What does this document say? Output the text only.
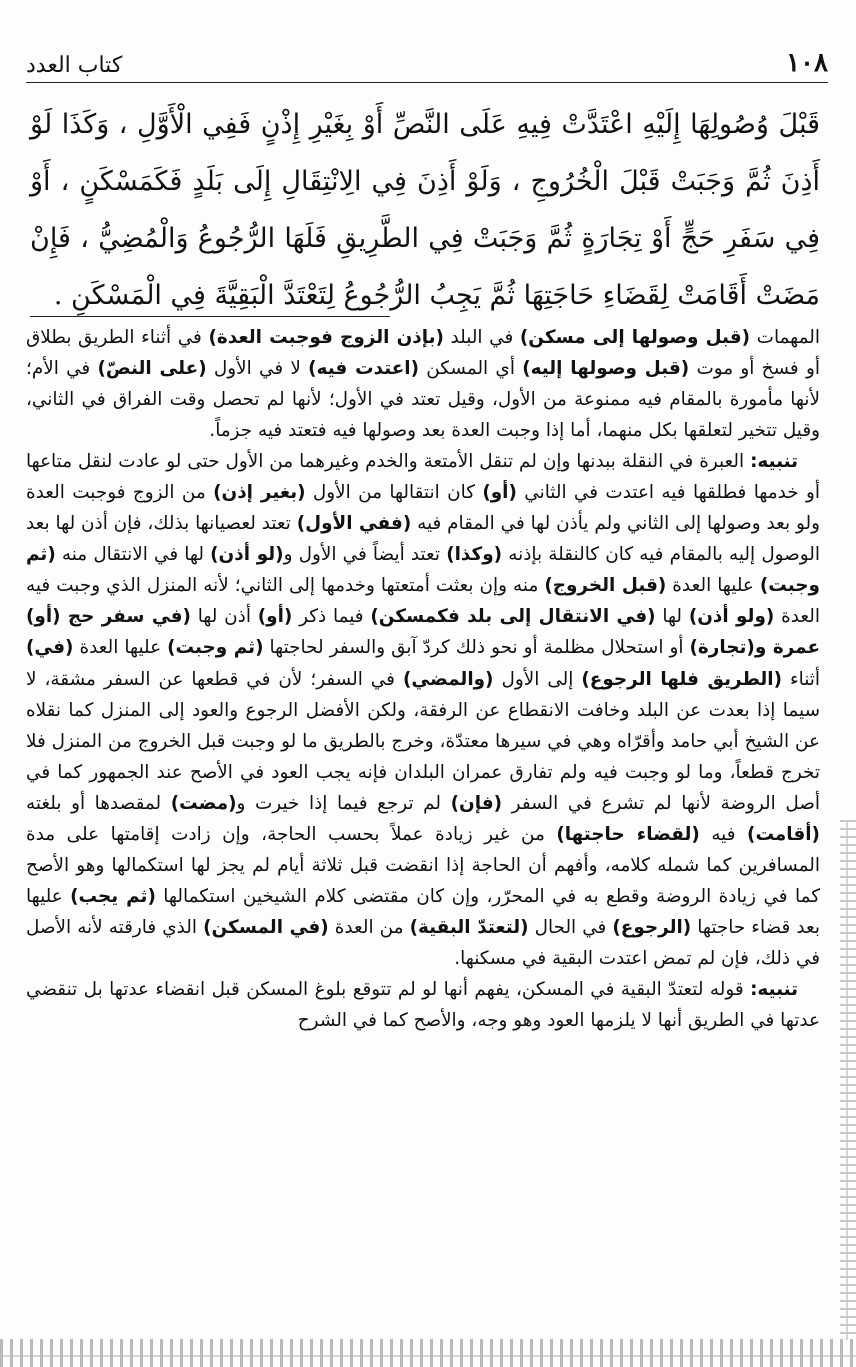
١٠٨
كتاب العدد
قَبْلَ وُصُولِهَا إِلَيْهِ اعْتَدَّتْ فِيهِ عَلَى النَّصِّ أَوْ بِغَيْرِ إِذْنٍ فَفِي الْأَوَّلِ ، وَكَذَا لَوْ أَذِنَ ثُمَّ وَجَبَتْ قَبْلَ الْخُرُوجِ ، وَلَوْ أَذِنَ فِي الِانْتِقَالِ إِلَى بَلَدٍ فَكَمَسْكَنٍ ، أَوْ فِي سَفَرِ حَجٍّ أَوْ تِجَارَةٍ ثُمَّ وَجَبَتْ فِي الطَّرِيقِ فَلَهَا الرُّجُوعُ وَالْمُضِيُّ ، فَإِنْ مَضَتْ أَقَامَتْ لِقَضَاءِ حَاجَتِهَا ثُمَّ يَجِبُ الرُّجُوعُ لِتَعْتَدَّ الْبَقِيَّةَ فِي الْمَسْكَنِ .

المهمات (قبل وصولها إلى مسكن) في البلد (بإذن الزوج فوجبت العدة) في أثناء الطريق بطلاق أو فسخ أو موت (قبل وصولها إليه) أي المسكن (اعتدت فيه) لا في الأول (على النصّ) في الأم؛ لأنها مأمورة بالمقام فيه ممنوعة من الأول، وقيل تعتد في الأول؛ لأنها لم تحصل وقت الفراق في الثاني، وقيل تتخير لتعلقها بكل منهما، أما إذا وجبت العدة بعد وصولها فيه فتعتد فيه جزماً.

تنبيه: العبرة في النقلة ببدنها وإن لم تنقل الأمتعة والخدم وغيرهما من الأول حتى لو عادت لنقل متاعها أو خدمها فطلقها فيه اعتدت في الثاني (أو) كان انتقالها من الأول (بغير إذن) من الزوج فوجبت العدة ولو بعد وصولها إلى الثاني ولم يأذن لها في المقام فيه (ففي الأول) تعتد لعصيانها بذلك، فإن أذن لها بعد الوصول إليه بالمقام فيه كان كالنقلة بإذنه (وكذا) تعتد أيضاً في الأول و(لو أذن) لها في الانتقال منه (ثم وجبت) عليها العدة (قبل الخروج) منه وإن بعثت أمتعتها وخدمها إلى الثاني؛ لأنه المنزل الذي وجبت فيه العدة (ولو أذن) لها (في الانتقال إلى بلد فكمسكن) فيما ذكر (أو) أذن لها (في سفر حج (أو) عمرة و(تجارة) أو استحلال مظلمة أو نحو ذلك كردّ آبق والسفر لحاجتها (ثم وجبت) عليها العدة (في) أثناء (الطريق فلها الرجوع) إلى الأول (والمضي) في السفر؛ لأن في قطعها عن السفر مشقة، لا سيما إذا بعدت عن البلد وخافت الانقطاع عن الرفقة، ولكن الأفضل الرجوع والعود إلى المنزل كما نقلاه عن الشيخ أبي حامد وأقرّاه وهي في سيرها معتدّة، وخرج بالطريق ما لو وجبت قبل الخروج من المنزل فلا تخرج قطعاً، وما لو وجبت فيه ولم تفارق عمران البلدان فإنه يجب العود في الأصح عند الجمهور كما في أصل الروضة لأنها لم تشرع في السفر (فإن) لم ترجع فيما إذا خيرت و(مضت) لمقصدها أو بلغته (أقامت) فيه (لقضاء حاجتها) من غير زيادة عملاً بحسب الحاجة، وإن زادت إقامتها على مدة المسافرين كما شمله كلامه، وأفهم أن الحاجة إذا انقضت قبل ثلاثة أيام لم يجز لها استكمالها وهو الأصح كما في زيادة الروضة وقطع به في المحرّر، وإن كان مقتضى كلام الشيخين استكمالها (ثم يجب) عليها بعد قضاء حاجتها (الرجوع) في الحال (لتعتدّ البقية) من العدة (في المسكن) الذي فارقته لأنه الأصل في ذلك، فإن لم تمض اعتدت البقية في مسكنها.

تنبيه: قوله لتعتدّ البقية في المسكن، يفهم أنها لو لم تتوقع بلوغ المسكن قبل انقضاء عدتها بل تنقضي عدتها في الطريق أنها لا يلزمها العود وهو وجه، والأصح كما في الشرح
